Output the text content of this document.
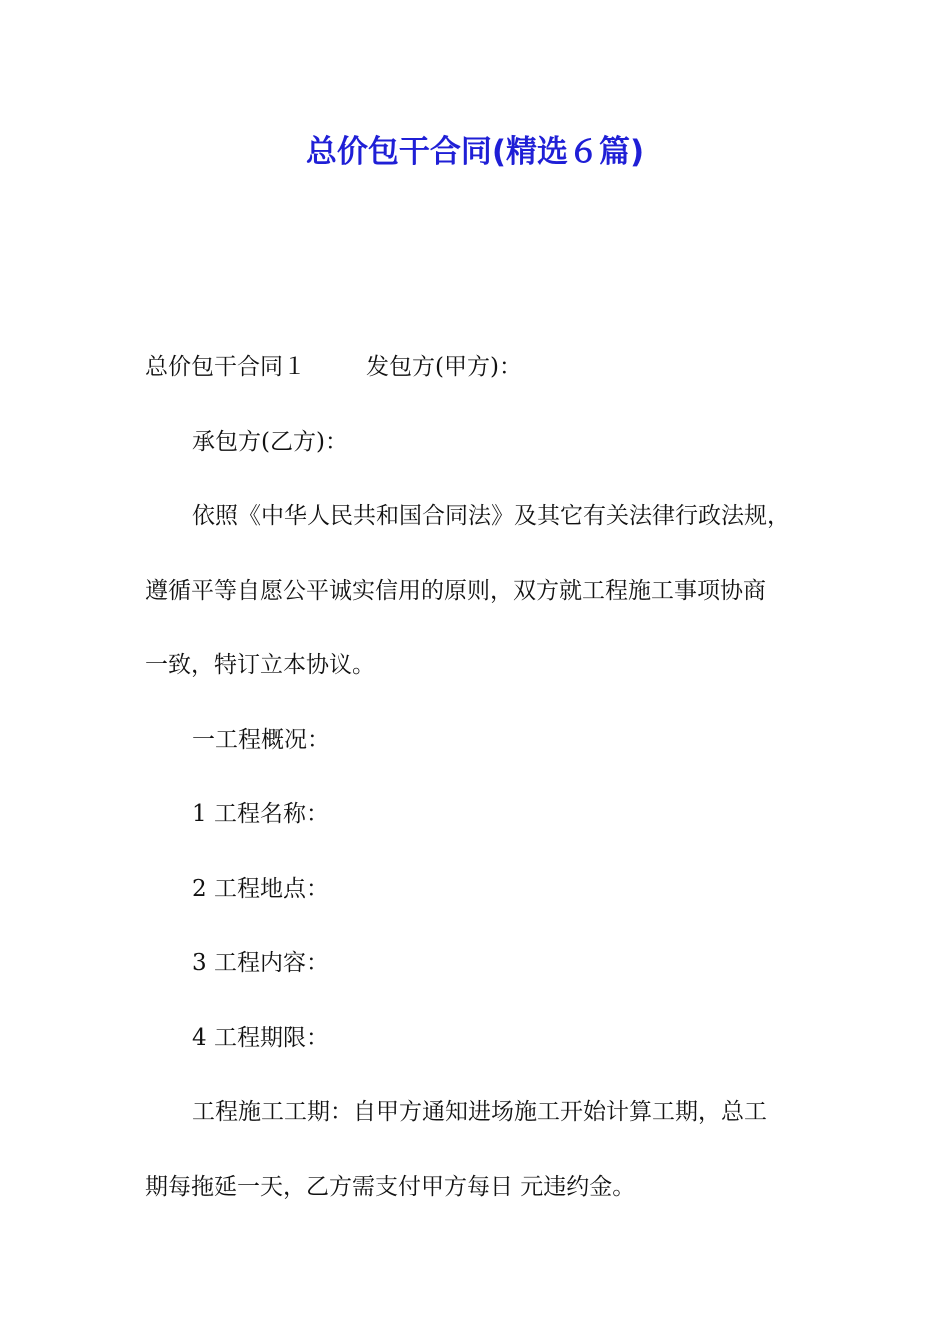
总价包干合同(精选６篇)

总价包干合同１	发包方(甲方)：

承包方(乙方)：

依照《中华人民共和国合同法》及其它有关法律行政法规，

遵循平等自愿公平诚实信用的原则，双方就工程施工事项协商

一致，特订立本协议。

一工程概况：

1 工程名称：

2 工程地点：

3 工程内容：

4 工程期限：

工程施工工期：自甲方通知进场施工开始计算工期，总工

期每拖延一天，乙方需支付甲方每日 元违约金。
